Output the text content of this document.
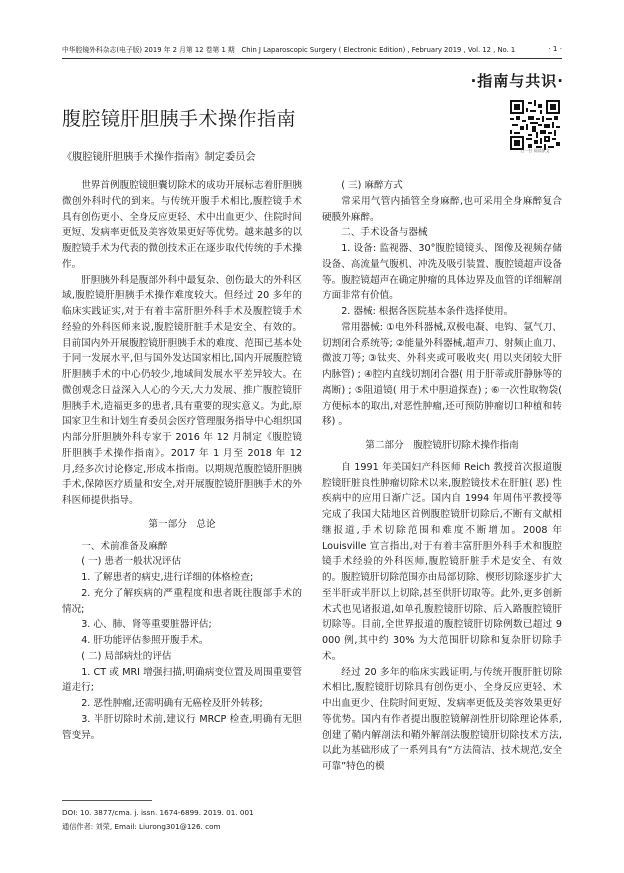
中华腔镜外科杂志(电子版) 2019 年 2 月第 12 卷第 1 期　Chin J Laparoscopic Surgery ( Electronic Edition) , February 2019 , Vol. 12 , No. 1	· 1 ·
·指南与共识·
腹腔镜肝胆胰手术操作指南
《腹腔镜肝胆胰手术操作指南》制定委员会
扫一扫 阅读原文

世界首例腹腔镜胆囊切除术的成功开展标志着肝胆胰微创外科时代的到来。与传统开腹手术相比,腹腔镜手术具有创伤更小、全身反应更轻、术中出血更少、住院时间更短、发病率更低及美容效果更好等优势。越来越多的以腹腔镜手术为代表的微创技术正在逐步取代传统的手术操作。

肝胆胰外科是腹部外科中最复杂、创伤最大的外科区域,腹腔镜肝胆胰手术操作难度较大。但经过 20 多年的临床实践证实,对于有着丰富肝胆外科手术及腹腔镜手术经验的外科医师来说,腹腔镜肝脏手术是安全、有效的。目前国内外开展腹腔镜肝胆胰手术的难度、范围已基本处于同一发展水平,但与国外发达国家相比,国内开展腹腔镜肝胆胰手术的中心仍较少,地域间发展水平差异较大。在微创观念日益深入人心的今天,大力发展、推广腹腔镜肝胆胰手术,造福更多的患者,具有重要的现实意义。为此,原国家卫生和计划生育委员会医疗管理服务指导中心组织国内部分肝胆胰外科专家于 2016 年 12 月制定《腹腔镜肝胆胰手术操作指南》。2017 年 1 月至 2018 年 12 月,经多次讨论修定,形成本指南。以期规范腹腔镜肝胆胰手术,保障医疗质量和安全,对开展腹腔镜肝胆胰手术的外科医师提供指导。

第一部分　总论

一、术前准备及麻醉

( 一) 患者一般状况评估

1. 了解患者的病史,进行详细的体格检查;

2. 充分了解疾病的严重程度和患者既往腹部手术的情况;

3. 心、肺、肾等重要脏器评估;

4. 肝功能评估参照开腹手术。

( 二) 局部病灶的评估

1. CT 或 MRI 增强扫描,明确病变位置及周围重要管道走行;

2. 恶性肿瘤,还需明确有无癌栓及肝外转移;

3. 半肝切除时术前,建议行 MRCP 检查,明确有无胆管变异。

( 三) 麻醉方式

常采用气管内插管全身麻醉,也可采用全身麻醉复合硬膜外麻醉。

二、手术设备与器械

1. 设备: 监视器、30°腹腔镜镜头、图像及视频存储设备、高流量气腹机、冲洗及吸引装置、腹腔镜超声设备等。腹腔镜超声在确定肿瘤的具体边界及血管的详细解剖方面非常有价值。

2. 器械: 根据各医院基本条件选择使用。

常用器械: ①电外科器械,双极电凝、电钩、氩气刀、切割闭合系统等; ②能量外科器械,超声刀、射频止血刀、微波刀等; ③钛夹、外科夹或可吸收夹( 用以夹闭较大肝内脉管) ; ④腔内直线切割闭合器( 用于肝蒂或肝静脉等的离断) ; ⑤阻道镜( 用于术中胆道探查) ; ⑥一次性取物袋( 方便标本的取出,对恶性肿瘤,还可预防肿瘤切口种植和转移) 。

第二部分　腹腔镜肝切除术操作指南

自 1991 年美国妇产科医师 Reich 教授首次报道腹腔镜肝脏良性肿瘤切除术以来,腹腔镜技术在肝脏( 恶) 性疾病中的应用日渐广泛。国内自 1994 年周伟平教授等完成了我国大陆地区首例腹腔镜肝切除后,不断有文献相继报道,手术切除范围和难度不断增加。2008 年 Louisville 宣言指出,对于有着丰富肝胆外科手术和腹腔镜手术经验的外科医师,腹腔镜肝脏手术是安全、有效的。腹腔镜肝切除范围亦由局部切除、楔形切除逐步扩大至半肝或半肝以上切除,甚至供肝切取等。此外,更多创新术式也见诸报道,如单孔腹腔镜肝切除、后入路腹腔镜肝切除等。目前,全世界报道的腹腔镜肝切除例数已超过 9 000 例,其中约 30% 为大范围肝切除和复杂肝切除手术。

经过 20 多年的临床实践证明,与传统开腹肝脏切除术相比,腹腔镜肝切除具有创伤更小、全身反应更轻、术中出血更少、住院时间更短、发病率更低及美容效果更好等优势。国内有作者提出腹腔镜解剖性肝切除理论体系,创建了鞘内解剖法和鞘外解剖法腹腔镜肝切除技术方法,以此为基础形成了一系列具有“方法简洁、技术规范,安全可靠”特色的模

DOI: 10. 3877/cma. j. issn. 1674-6899. 2019. 01. 001
通信作者: 刘荣, Email: Liurong301@126. com
